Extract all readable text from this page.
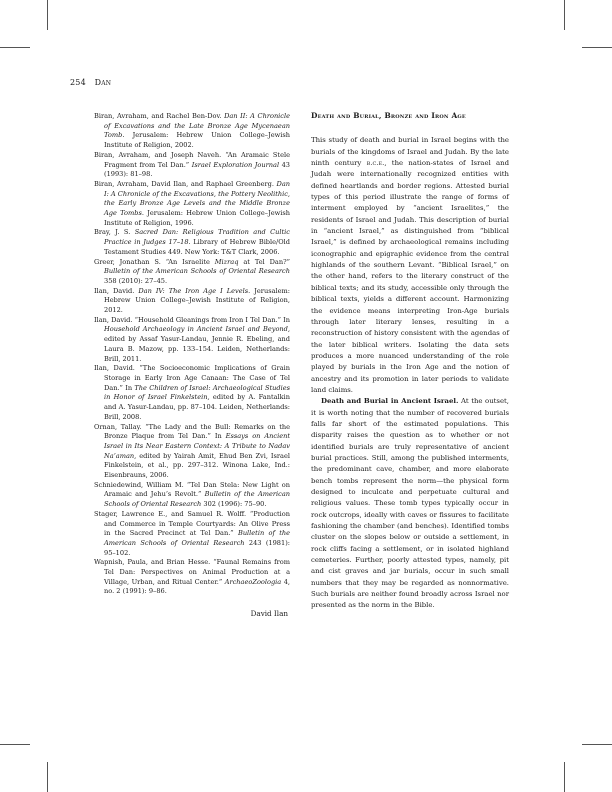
254 Dan

Biran, Avraham, and Rachel Ben-Dov. Dan II: A Chronicle of Excavations and the Late Bronze Age Mycenaean Tomb. Jerusalem: Hebrew Union College–Jewish Institute of Religion, 2002.

Biran, Avraham, and Joseph Naveh. “An Aramaic Stele Fragment from Tel Dan.” Israel Exploration Journal 43 (1993): 81–98.

Biran, Avraham, David Ilan, and Raphael Greenberg. Dan I: A Chronicle of the Excavations, the Pottery Neolithic, the Early Bronze Age Levels and the Middle Bronze Age Tombs. Jerusalem: Hebrew Union College–Jewish Institute of Religion, 1996.

Bray, J. S. Sacred Dan: Religious Tradition and Cultic Practice in Judges 17–18. Library of Hebrew Bible/Old Testament Studies 449. New York: T&T Clark, 2006.

Greer, Jonathan S. “An Israelite Mizraq at Tel Dan?” Bulletin of the American Schools of Oriental Research 358 (2010): 27–45.

Ilan, David. Dan IV: The Iron Age I Levels. Jerusalem: Hebrew Union College–Jewish Institute of Religion, 2012.

Ilan, David. “Household Gleanings from Iron I Tel Dan.” In Household Archaeology in Ancient Israel and Beyond, edited by Assaf Yasur-Landau, Jennie R. Ebeling, and Laura B. Mazow, pp. 133–154. Leiden, Netherlands: Brill, 2011.

Ilan, David. “The Socioeconomic Implications of Grain Storage in Early Iron Age Canaan: The Case of Tel Dan.” In The Children of Israel: Archaeological Studies in Honor of Israel Finkelstein, edited by A. Fantalkin and A. Yasur-Landau, pp. 87–104. Leiden, Netherlands: Brill, 2008.

Ornan, Tallay. “The Lady and the Bull: Remarks on the Bronze Plaque from Tel Dan.” In Essays on Ancient Israel in Its Near Eastern Context: A Tribute to Nadav Na’aman, edited by Yairah Amit, Ehud Ben Zvi, Israel Finkelstein, et al., pp. 297–312. Winona Lake, Ind.: Eisenbrauns, 2006.

Schniedewind, William M. “Tel Dan Stela: New Light on Aramaic and Jehu’s Revolt.” Bulletin of the American Schools of Oriental Research 302 (1996): 75–90.

Stager, Lawrence E., and Samuel R. Wolff. “Production and Commerce in Temple Courtyards: An Olive Press in the Sacred Precinct at Tel Dan.” Bulletin of the American Schools of Oriental Research 243 (1981): 95–102.

Wapnish, Paula, and Brian Hesse. “Faunal Remains from Tel Dan: Perspectives on Animal Production at a Village, Urban, and Ritual Center.” ArchaeoZoologia 4, no. 2 (1991): 9–86.

David Ilan
Death and Burial, Bronze and Iron Age

This study of death and burial in Israel begins with the burials of the kingdoms of Israel and Judah. By the late ninth century b.c.e., the nation-states of Israel and Judah were internationally recognized entities with defined heartlands and border regions. Attested burial types of this period illustrate the range of forms of interment employed by “ancient Israelites,” the residents of Israel and Judah. This description of burial in “ancient Israel,” as distinguished from “biblical Israel,” is defined by archaeological remains including iconographic and epigraphic evidence from the central highlands of the southern Levant. “Biblical Israel,” on the other hand, refers to the literary construct of the biblical texts; and its study, accessible only through the biblical texts, yields a different account. Harmonizing the evidence means interpreting Iron-Age burials through later literary lenses, resulting in a reconstruction of history consistent with the agendas of the later biblical writers. Isolating the data sets produces a more nuanced understanding of the role played by burials in the Iron Age and the notion of ancestry and its promotion in later periods to validate land claims.

Death and Burial in Ancient Israel. At the outset, it is worth noting that the number of recovered burials falls far short of the estimated populations. This disparity raises the question as to whether or not identified burials are truly representative of ancient burial practices. Still, among the published interments, the predominant cave, chamber, and more elaborate bench tombs represent the norm—the physical form designed to inculcate and perpetuate cultural and religious values. These tomb types typically occur in rock outcrops, ideally with caves or fissures to facilitate fashioning the chamber (and benches). Identified tombs cluster on the slopes below or outside a settlement, in rock cliffs facing a settlement, or in isolated highland cemeteries. Further, poorly attested types, namely, pit and cist graves and jar burials, occur in such small numbers that they may be regarded as nonnormative. Such burials are neither found broadly across Israel nor presented as the norm in the Bible.
